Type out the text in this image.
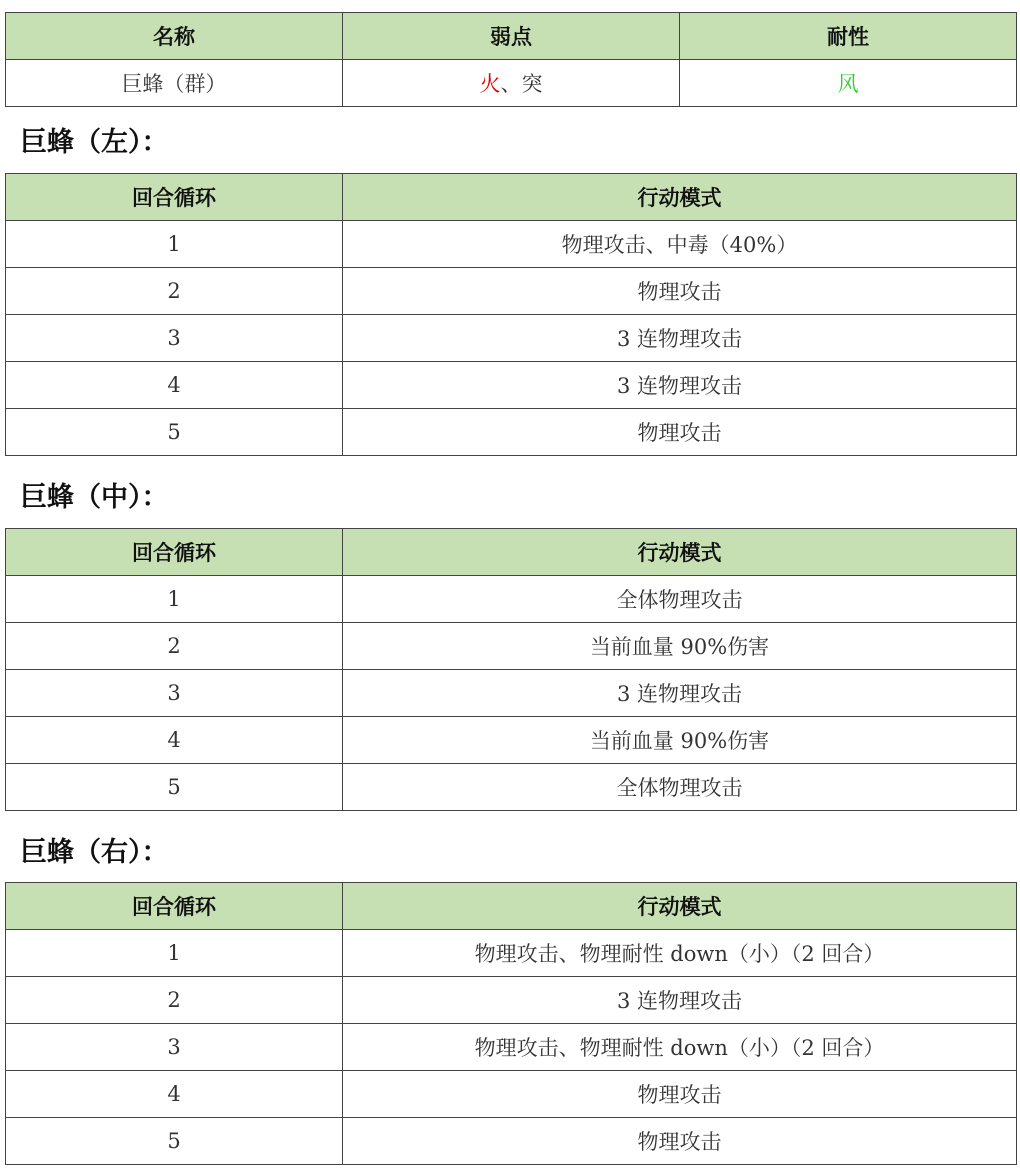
名称	弱点	耐性
巨蜂（群）	火、突	风
巨蜂（左）：
回合循环	行动模式
1	物理攻击、中毒（40%）
2	物理攻击
3	3 连物理攻击
4	3 连物理攻击
5	物理攻击
巨蜂（中）：
回合循环	行动模式
1	全体物理攻击
2	当前血量 90%伤害
3	3 连物理攻击
4	当前血量 90%伤害
5	全体物理攻击
巨蜂（右）：
回合循环	行动模式
1	物理攻击、物理耐性 down（小）（2 回合）
2	3 连物理攻击
3	物理攻击、物理耐性 down（小）（2 回合）
4	物理攻击
5	物理攻击
